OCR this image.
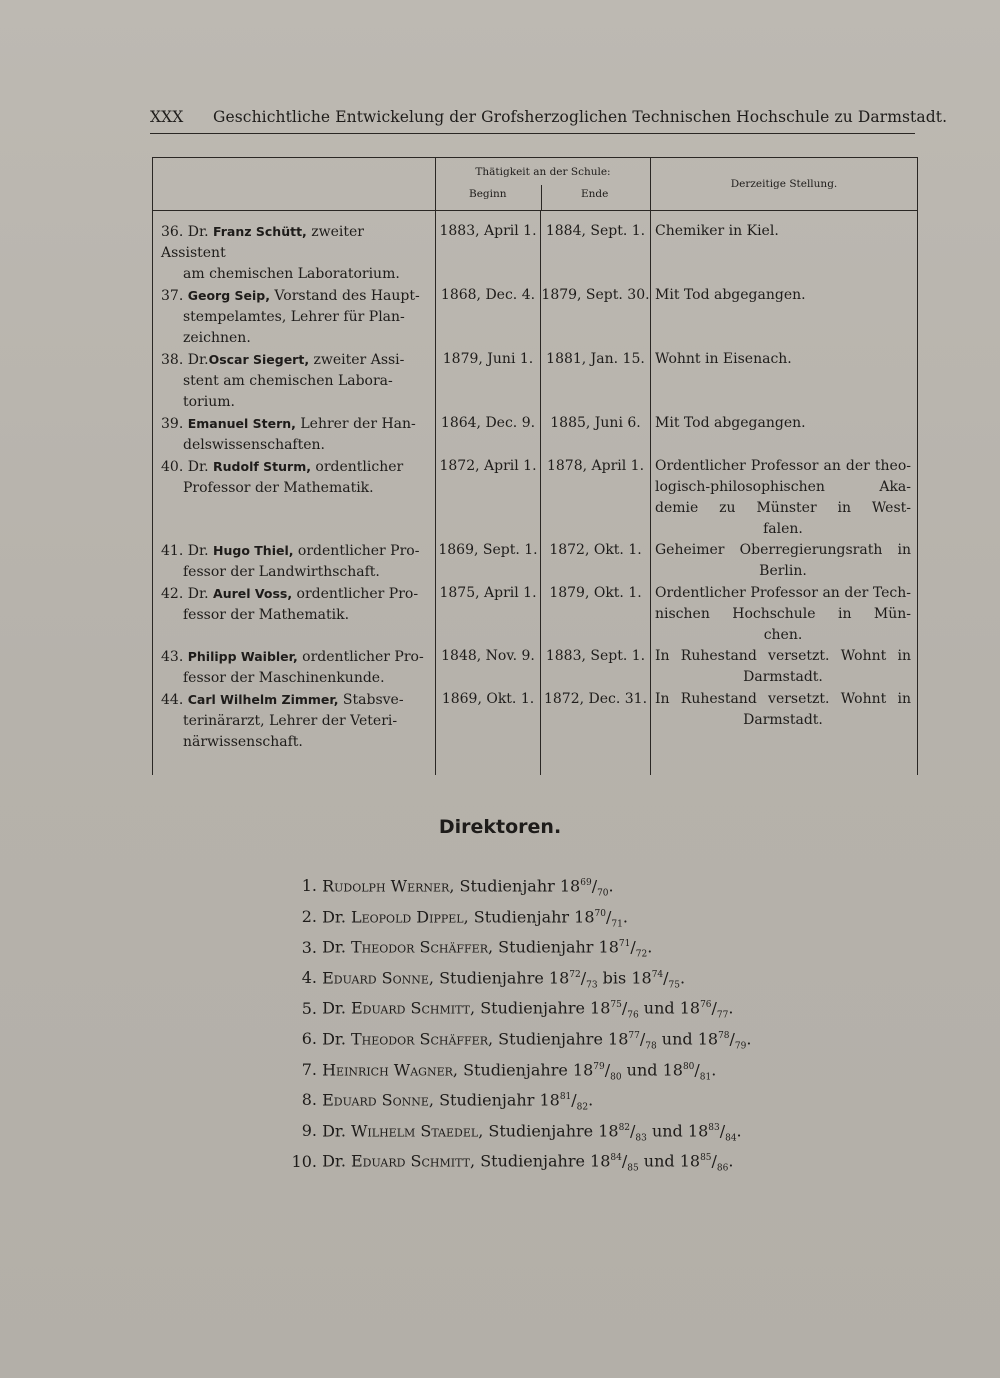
XXX Geschichtliche Entwickelung der Grofsherzoglichen Technischen Hochschule zu Darmstadt.

	Thätigkeit an der Schule:
Beginn Ende		Derzeitige Stellung.

36. Dr. Franz Schütt, zweiter Assistent
am chemischen Laboratorium.	1883, April 1.	1884, Sept. 1.	Chemiker in Kiel.

37. Georg Seip, Vorstand des Haupt-
stempelamtes, Lehrer für Plan-
zeichnen.	1868, Dec. 4.	1879, Sept. 30.	Mit Tod abgegangen.

38. Dr.Oscar Siegert, zweiter Assi-
stent am chemischen Labora-
torium.	1879, Juni 1.	1881, Jan. 15.	Wohnt in Eisenach.

39. Emanuel Stern, Lehrer der Han-
delswissenschaften.	1864, Dec. 9.	1885, Juni 6.	Mit Tod abgegangen.

40. Dr. Rudolf Sturm, ordentlicher
Professor der Mathematik.	1872, April 1.	1878, April 1.	Ordentlicher Professor an der theo-
logisch-philosophischen Aka-
demie zu Münster in West-
falen.

41. Dr. Hugo Thiel, ordentlicher Pro-
fessor der Landwirthschaft.	1869, Sept. 1.	1872, Okt. 1.	Geheimer Oberregierungsrath in
Berlin.

42. Dr. Aurel Voss, ordentlicher Pro-
fessor der Mathematik.	1875, April 1.	1879, Okt. 1.	Ordentlicher Professor an der Tech-
nischen Hochschule in Mün-
chen.

43. Philipp Waibler, ordentlicher Pro-
fessor der Maschinenkunde.	1848, Nov. 9.	1883, Sept. 1.	In Ruhestand versetzt. Wohnt in
Darmstadt.

44. Carl Wilhelm Zimmer, Stabsve-
terinärarzt, Lehrer der Veteri-
närwissenschaft.	1869, Okt. 1.	1872, Dec. 31.	In Ruhestand versetzt. Wohnt in
Darmstadt.

Direktoren.
1. Rudolph Werner, Studienjahr $18^{69}/_{70}$.
2. Dr. Leopold Dippel, Studienjahr $18^{70}/_{71}$.
3. Dr. Theodor Schäffer, Studienjahr $18^{71}/_{72}$.
4. Eduard Sonne, Studienjahre $18^{72}/_{73}$ bis $18^{74}/_{75}$.
5. Dr. Eduard Schmitt, Studienjahre $18^{75}/_{76}$ und $18^{76}/_{77}$.
6. Dr. Theodor Schäffer, Studienjahre $18^{77}/_{78}$ und $18^{78}/_{79}$.
7. Heinrich Wagner, Studienjahre $18^{79}/_{80}$ und $18^{80}/_{81}$.
8. Eduard Sonne, Studienjahr $18^{81}/_{82}$.
9. Dr. Wilhelm Staedel, Studienjahre $18^{82}/_{83}$ und $18^{83}/_{84}$.
10. Dr. Eduard Schmitt, Studienjahre $18^{84}/_{85}$ und $18^{85}/_{86}$.
